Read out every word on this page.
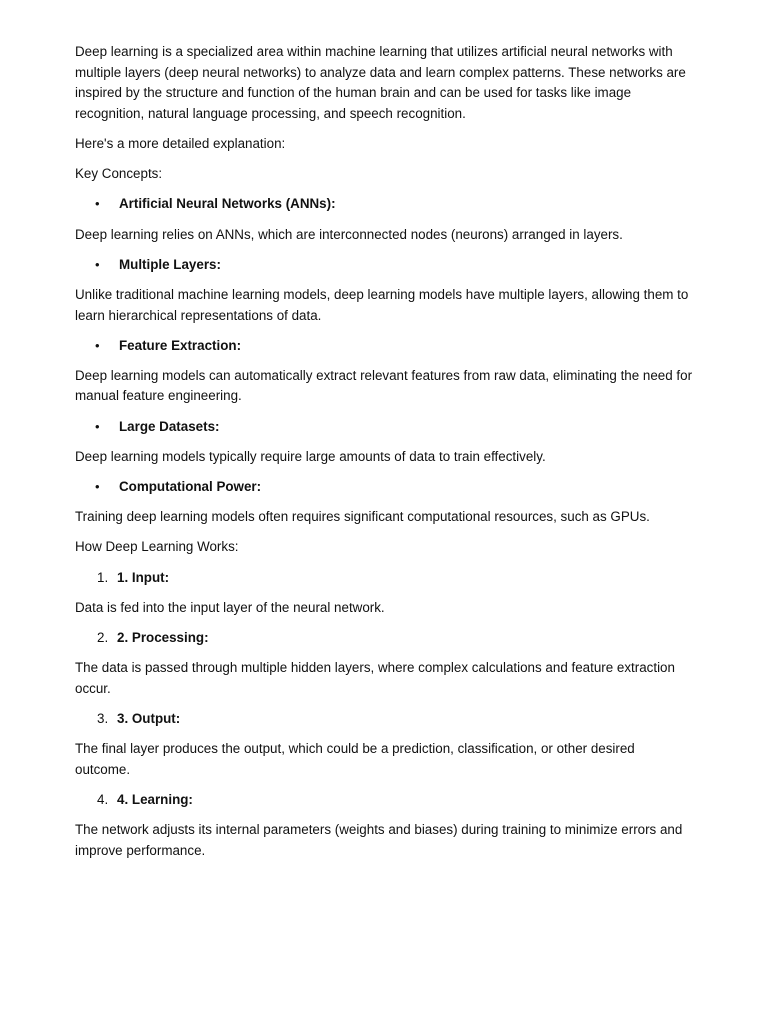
Deep learning is a specialized area within machine learning that utilizes artificial neural networks with multiple layers (deep neural networks) to analyze data and learn complex patterns. These networks are inspired by the structure and function of the human brain and can be used for tasks like image recognition, natural language processing, and speech recognition.

Here's a more detailed explanation:

Key Concepts:

•	Artificial Neural Networks (ANNs):

Deep learning relies on ANNs, which are interconnected nodes (neurons) arranged in layers.

•	Multiple Layers:

Unlike traditional machine learning models, deep learning models have multiple layers, allowing them to learn hierarchical representations of data.

•	Feature Extraction:

Deep learning models can automatically extract relevant features from raw data, eliminating the need for manual feature engineering.

•	Large Datasets:

Deep learning models typically require large amounts of data to train effectively.

•	Computational Power:

Training deep learning models often requires significant computational resources, such as GPUs.

How Deep Learning Works:

1. 1. Input:

Data is fed into the input layer of the neural network.

2. 2. Processing:

The data is passed through multiple hidden layers, where complex calculations and feature extraction occur.

3. 3. Output:

The final layer produces the output, which could be a prediction, classification, or other desired outcome.

4. 4. Learning:

The network adjusts its internal parameters (weights and biases) during training to minimize errors and improve performance.
